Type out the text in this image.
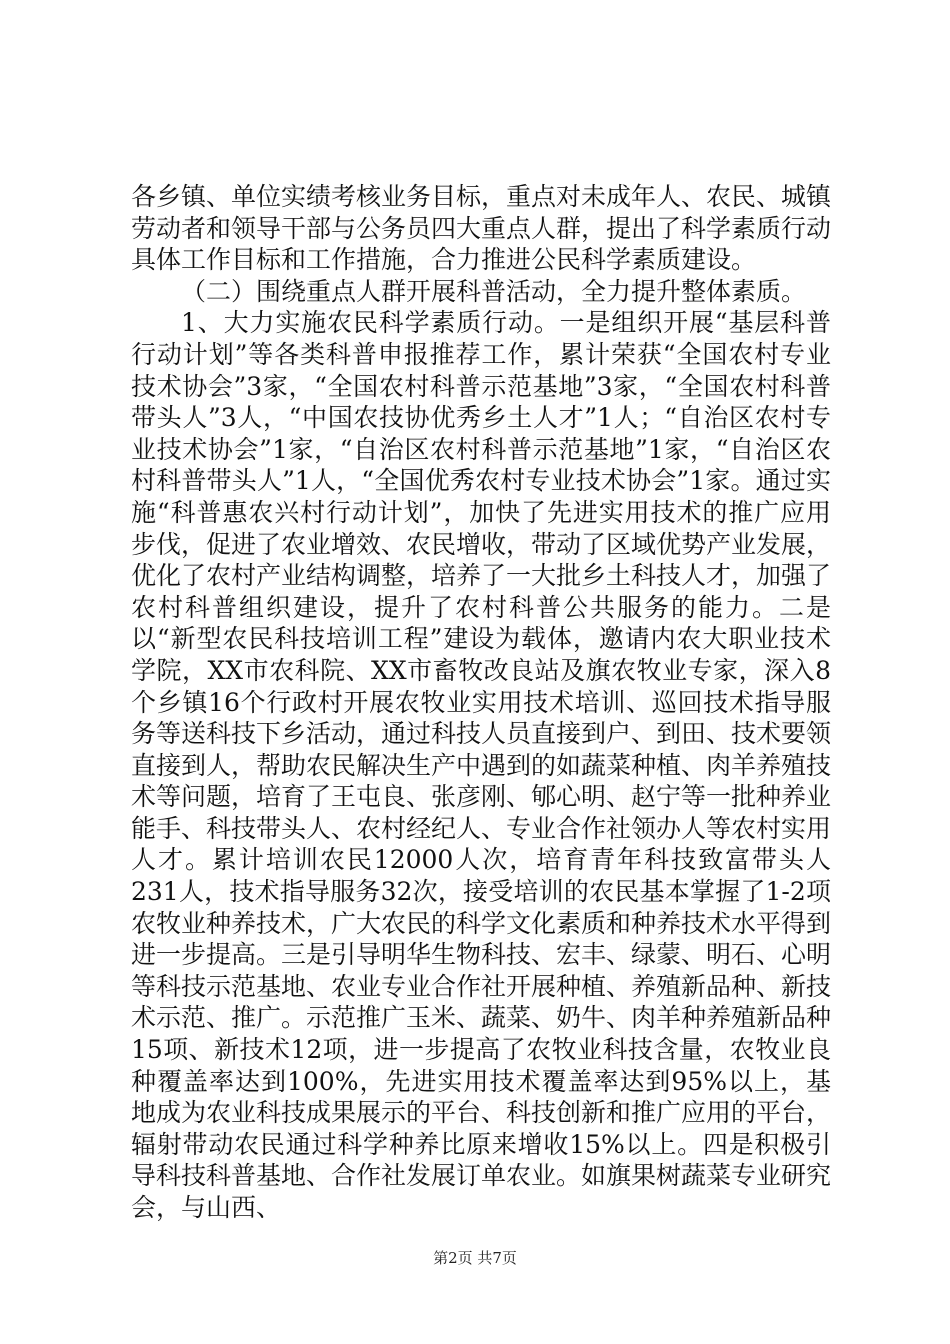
各乡镇、单位实绩考核业务目标，重点对未成年人、农民、城镇劳动者和领导干部与公务员四大重点人群，提出了科学素质行动具体工作目标和工作措施，合力推进公民科学素质建设。

（二）围绕重点人群开展科普活动，全力提升整体素质。

1、大力实施农民科学素质行动。一是组织开展“基层科普行动计划”等各类科普申报推荐工作，累计荣获“全国农村专业技术协会”3家，“全国农村科普示范基地”3家，“全国农村科普带头人”3人，“中国农技协优秀乡土人才”1人；“自治区农村专业技术协会”1家，“自治区农村科普示范基地”1家，“自治区农村科普带头人”1人，“全国优秀农村专业技术协会”1家。通过实施“科普惠农兴村行动计划”，加快了先进实用技术的推广应用步伐，促进了农业增效、农民增收，带动了区域优势产业发展，优化了农村产业结构调整，培养了一大批乡土科技人才，加强了农村科普组织建设，提升了农村科普公共服务的能力。二是以“新型农民科技培训工程”建设为载体，邀请内农大职业技术学院，XX市农科院、XX市畜牧改良站及旗农牧业专家，深入8个乡镇16个行政村开展农牧业实用技术培训、巡回技术指导服务等送科技下乡活动，通过科技人员直接到户、到田、技术要领直接到人，帮助农民解决生产中遇到的如蔬菜种植、肉羊养殖技术等问题，培育了王屯良、张彦刚、郇心明、赵宁等一批种养业能手、科技带头人、农村经纪人、专业合作社领办人等农村实用人才。累计培训农民12000人次，培育青年科技致富带头人231人，技术指导服务32次，接受培训的农民基本掌握了1-2项农牧业种养技术，广大农民的科学文化素质和种养技术水平得到进一步提高。三是引导明华生物科技、宏丰、绿蒙、明石、心明等科技示范基地、农业专业合作社开展种植、养殖新品种、新技术示范、推广。示范推广玉米、蔬菜、奶牛、肉羊种养殖新品种15项、新技术12项，进一步提高了农牧业科技含量，农牧业良种覆盖率达到100%，先进实用技术覆盖率达到95%以上，基地成为农业科技成果展示的平台、科技创新和推广应用的平台，辐射带动农民通过科学种养比原来增收15%以上。四是积极引导科技科普基地、合作社发展订单农业。如旗果树蔬菜专业研究会，与山西、

第2页 共7页
